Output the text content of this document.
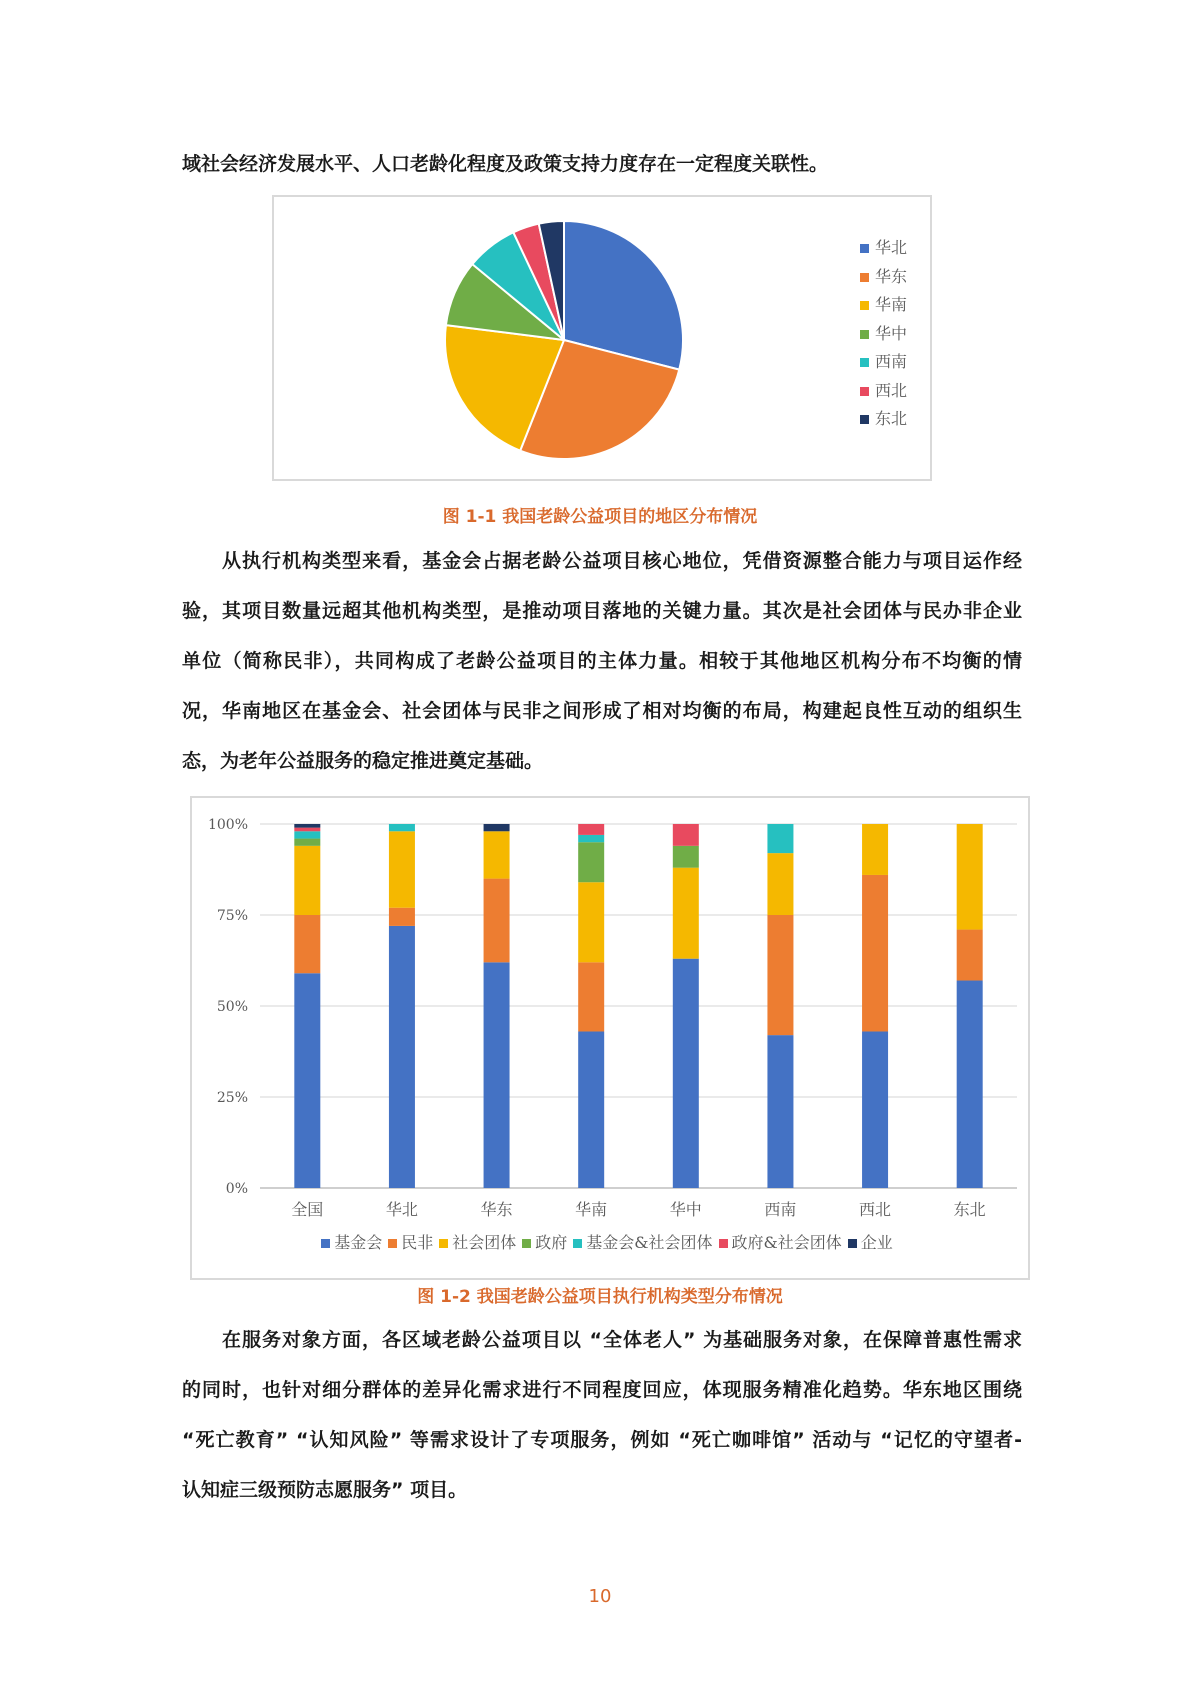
域社会经济发展水平、人口老龄化程度及政策支持力度存在一定程度关联性。

华北
华东
华南
华中
西南
西北
东北

图 1-1 我国老龄公益项目的地区分布情况

从执行机构类型来看，基金会占据老龄公益项目核心地位，凭借资源整合能力与项目运作经
验，其项目数量远超其他机构类型，是推动项目落地的关键力量。其次是社会团体与民办非企业
单位（简称民非），共同构成了老龄公益项目的主体力量。相较于其他地区机构分布不均衡的情
况，华南地区在基金会、社会团体与民非之间形成了相对均衡的布局，构建起良性互动的组织生
态，为老年公益服务的稳定推进奠定基础。
0%
25%
50%
75%
100%
全国	华北	华东	华南	华中	西南	西北	东北
基金会 民非 社会团体 政府 基金会&社会团体 政府&社会团体 企业

图 1-2 我国老龄公益项目执行机构类型分布情况

在服务对象方面，各区域老龄公益项目以 “全体老人” 为基础服务对象，在保障普惠性需求
的同时，也针对细分群体的差异化需求进行不同程度回应，体现服务精准化趋势。华东地区围绕
“死亡教育” “认知风险” 等需求设计了专项服务，例如 “死亡咖啡馆” 活动与 “记忆的守望者-
认知症三级预防志愿服务” 项目。
10
